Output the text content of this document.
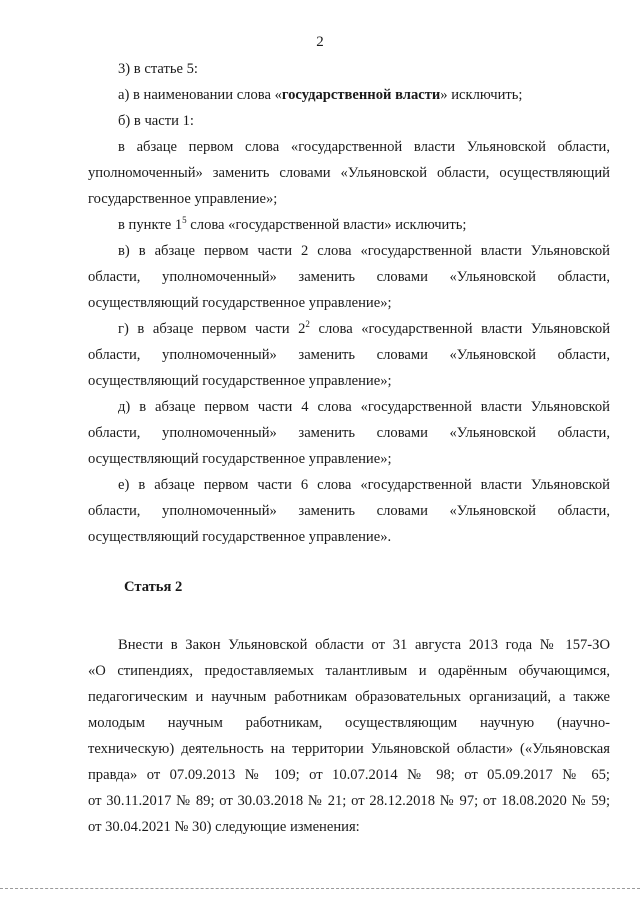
2
3) в статье 5:
а) в наименовании слова «государственной власти» исключить;
б) в части 1:
в абзаце первом слова «государственной власти Ульяновской области,
уполномоченный» заменить словами «Ульяновской области, осуществляющий
государственное управление»;
в пункте $1^5$ слова «государственной власти» исключить;
в) в абзаце первом части 2 слова «государственной власти Ульяновской
области, уполномоченный» заменить словами «Ульяновской области,
осуществляющий государственное управление»;
г) в абзаце первом части $2^2$ слова «государственной власти Ульяновской
области, уполномоченный» заменить словами «Ульяновской области,
осуществляющий государственное управление»;
д) в абзаце первом части 4 слова «государственной власти Ульяновской
области, уполномоченный» заменить словами «Ульяновской области,
осуществляющий государственное управление»;
е) в абзаце первом части 6 слова «государственной власти Ульяновской
области, уполномоченный» заменить словами «Ульяновской области,
осуществляющий государственное управление».
Статья 2
Внести в Закон Ульяновской области от 31 августа 2013 года № 157-ЗО
«О стипендиях, предоставляемых талантливым и одарённым обучающимся,
педагогическим и научным работникам образовательных организаций, а также
молодым научным работникам, осуществляющим научную (научно-
техническую) деятельность на территории Ульяновской области» («Ульяновская
правда» от 07.09.2013 № 109; от 10.07.2014 № 98; от 05.09.2017 № 65;
от 30.11.2017 № 89; от 30.03.2018 № 21; от 28.12.2018 № 97; от 18.08.2020 № 59;
от 30.04.2021 № 30) следующие изменения:
